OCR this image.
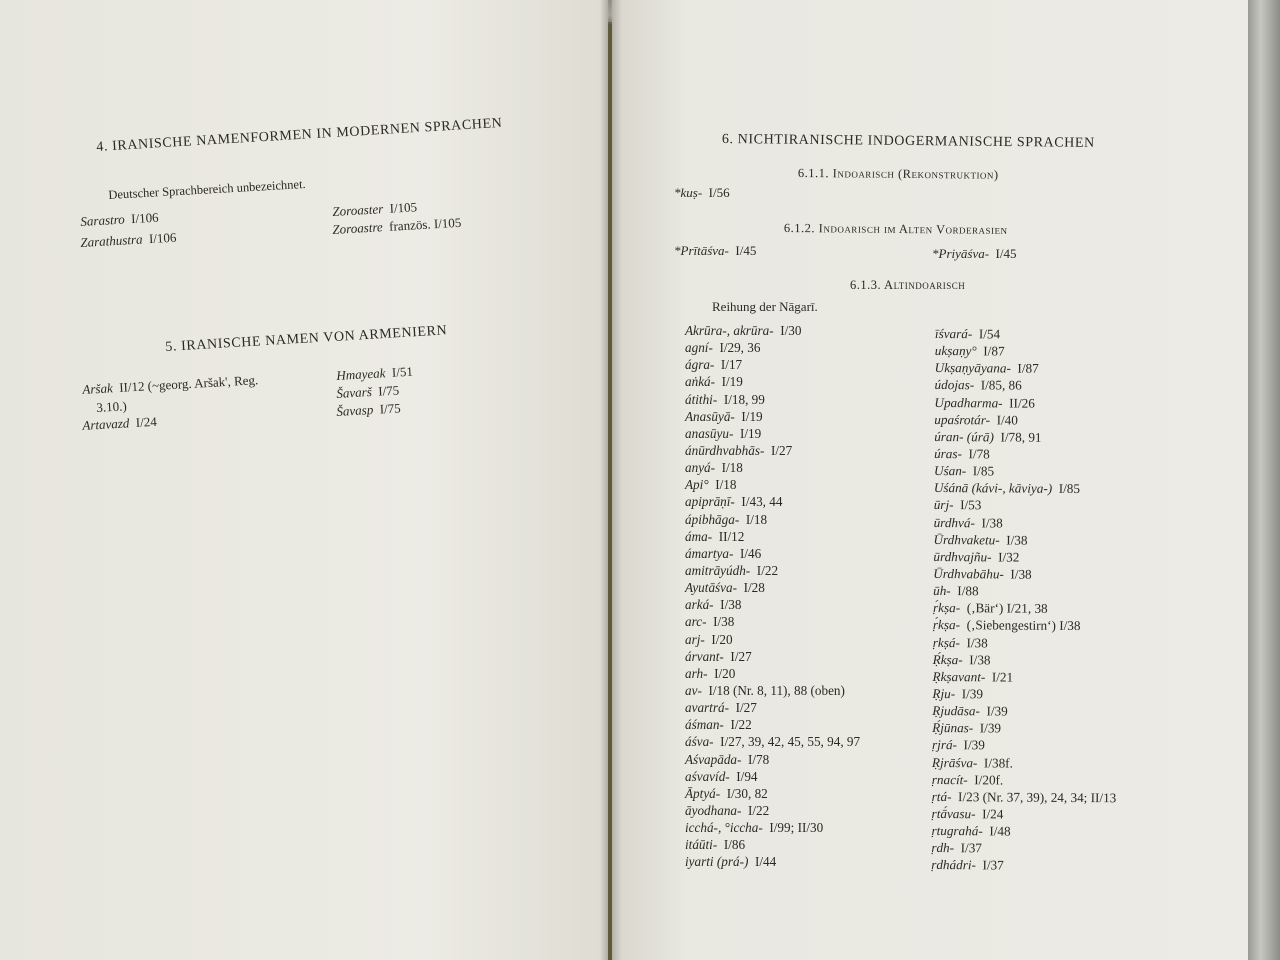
4. IRANISCHE NAMENFORMEN IN MODERNEN SPRACHEN
Deutscher Sprachbereich unbezeichnet.
Sarastro I/106
Zarathustra I/106
Zoroaster I/105
Zoroastre französ. I/105
5. IRANISCHE NAMEN VON ARMENIERN
Aršak II/12 (~georg. Aršak', Reg.
3.10.)
Artavazd I/24
Hmayeak I/51
Šavarš I/75
Šavasp I/75
6. NICHTIRANISCHE INDOGERMANISCHE SPRACHEN
6.1.1. Indoarisch (Rekonstruktion)
*kuṣ- I/56
6.1.2. Indoarisch im Alten Vorderasien
*Prītāśva- I/45	*Priyāśva- I/45
6.1.3. Altindoarisch
Reihung der Nāgarī.
Akrūra-, akrūra- I/30
agní- I/29, 36
ágra- I/17
aṅká- I/19
átithi- I/18, 99
Anasūyā- I/19
anasūyu- I/19
ánūrdhvabhās- I/27
anyá- I/18
Api° I/18
apiprāṇī- I/43, 44
ápibhāga- I/18
áma- II/12
ámartya- I/46
amitrāyúdh- I/22
Ayutāśva- I/28
arká- I/38
arc- I/38
arj- I/20
árvant- I/27
arh- I/20
av- I/18 (Nr. 8, 11), 88 (oben)
avartrá- I/27
áśman- I/22
áśva- I/27, 39, 42, 45, 55, 94, 97
Aśvapāda- I/78
aśvavíd- I/94
Āptyá- I/30, 82
āyodhana- I/22
icchá-, °iccha- I/99; II/30
itáūti- I/86
iyarti (prá-) I/44
īśvará- I/54
ukṣaṇy° I/87
Ukṣaṇyāyana- I/87
údojas- I/85, 86
Upadharma- II/26
upaśrotár- I/40
úran- (úrā) I/78, 91
úras- I/78
Uśan- I/85
Uśánā (kávi-, kāviya-) I/85
ūrj- I/53
ūrdhvá- I/38
Ūrdhvaketu- I/38
ūrdhvajñu- I/32
Ūrdhvabāhu- I/38
ūh- I/88
ṛ́kṣa- (‚Bär‘) I/21, 38
ṛ́kṣa- (‚Siebengestirn‘) I/38
ṛkṣá- I/38
Ṛ́kṣa- I/38
Ṛkṣavant- I/21
Ṛju- I/39
Ṛjudāsa- I/39
Ṛ́jūnas- I/39
ṛjrá- I/39
Ṛjrāśva- I/38f.
ṛnacít- I/20f.
ṛtá- I/23 (Nr. 37, 39), 24, 34; II/13
ṛtā́vasu- I/24
ṛtugrahá- I/48
ṛdh- I/37
ṛdhádri- I/37
